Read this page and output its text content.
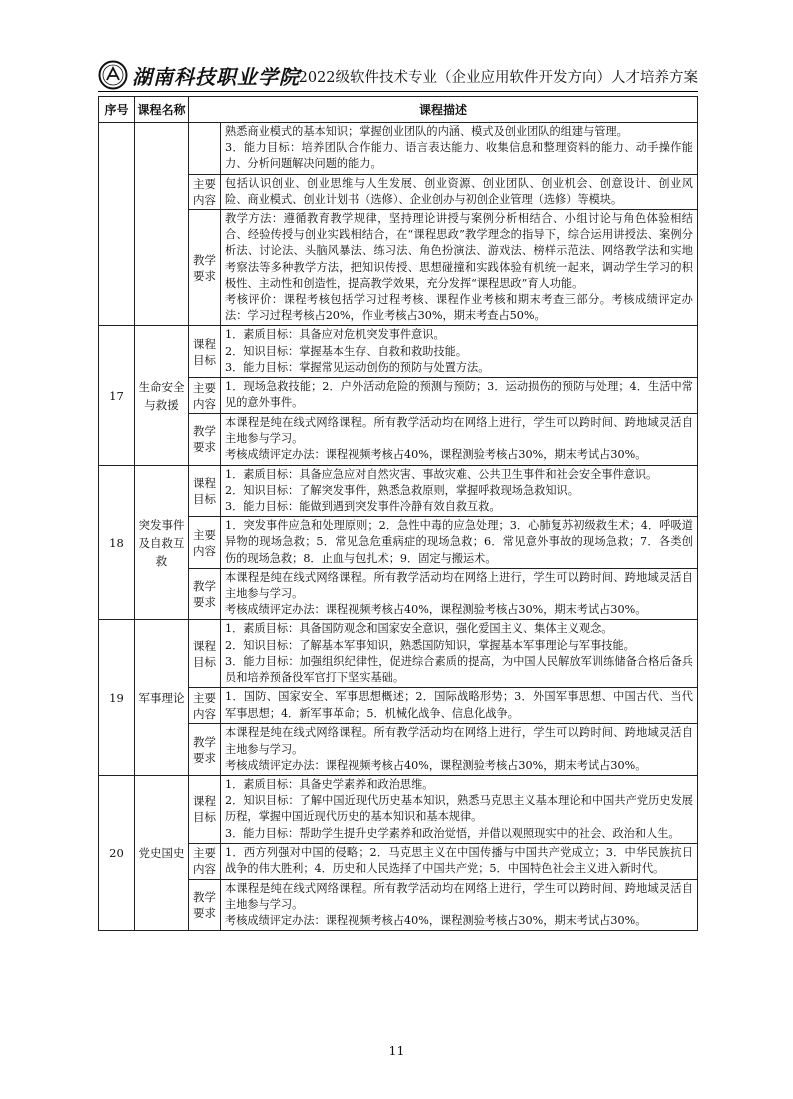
湖南科技职业学院
2022级软件技术专业（企业应用软件开发方向）人才培养方案
序号	课程名称	课程描述	

			熟悉商业模式的基本知识；掌握创业团队的内涵、模式及创业团队的组建与管理。
3．能力目标：培养团队合作能力、语言表达能力、收集信息和整理资料的能力、动手操作能力、分析问题解决问题的能力。

		主要内容	包括认识创业、创业思维与人生发展、创业资源、创业团队、创业机会、创意设计、创业风险、商业模式、创业计划书（选修）、企业创办与初创企业管理（选修）等模块。

		教学要求	教学方法：遵循教育教学规律，坚持理论讲授与案例分析相结合、小组讨论与角色体验相结合、经验传授与创业实践相结合，在“课程思政”教学理念的指导下，综合运用讲授法、案例分析法、讨论法、头脑风暴法、练习法、角色扮演法、游戏法、榜样示范法、网络教学法和实地考察法等多种教学方法，把知识传授、思想碰撞和实践体验有机统一起来，调动学生学习的积极性、主动性和创造性，提高教学效果，充分发挥“课程思政”育人功能。
考核评价：课程考核包括学习过程考核、课程作业考核和期末考查三部分。考核成绩评定办法：学习过程考核占20%，作业考核占30%，期末考查占50%。

17	生命安全与救援	课程目标	1．素质目标：具备应对危机突发事件意识。
2．知识目标：掌握基本生存、自救和救助技能。
3．能力目标：掌握常见运动创伤的预防与处置方法。

		主要内容	1．现场急救技能；2．户外活动危险的预测与预防；3．运动损伤的预防与处理；4．生活中常见的意外事件。

		教学要求	本课程是纯在线式网络课程。所有教学活动均在网络上进行，学生可以跨时间、跨地域灵活自主地参与学习。
考核成绩评定办法：课程视频考核占40%，课程测验考核占30%，期末考试占30%。

18	突发事件及自救互救	课程目标	1．素质目标：具备应急应对自然灾害、事故灾难、公共卫生事件和社会安全事件意识。
2．知识目标：了解突发事件，熟悉急救原则，掌握呼救现场急救知识。
3．能力目标：能做到遇到突发事件冷静有效自救互救。

		主要内容	1．突发事件应急和处理原则；2．急性中毒的应急处理；3．心肺复苏初级救生术；4．呼吸道异物的现场急救；5．常见急危重病症的现场急救；6．常见意外事故的现场急救；7．各类创伤的现场急救；8．止血与包扎术；9．固定与搬运术。

		教学要求	本课程是纯在线式网络课程。所有教学活动均在网络上进行，学生可以跨时间、跨地域灵活自主地参与学习。
考核成绩评定办法：课程视频考核占40%，课程测验考核占30%，期末考试占30%。

19	军事理论	课程目标	1．素质目标：具备国防观念和国家安全意识，强化爱国主义、集体主义观念。
2．知识目标：了解基本军事知识，熟悉国防知识，掌握基本军事理论与军事技能。
3．能力目标：加强组织纪律性，促进综合素质的提高，为中国人民解放军训练储备合格后备兵员和培养预备役军官打下坚实基础。

		主要内容	1．国防、国家安全、军事思想概述；2．国际战略形势；3．外国军事思想、中国古代、当代军事思想；4．新军事革命；5．机械化战争、信息化战争。

		教学要求	本课程是纯在线式网络课程。所有教学活动均在网络上进行，学生可以跨时间、跨地域灵活自主地参与学习。
考核成绩评定办法：课程视频考核占40%，课程测验考核占30%，期末考试占30%。

20	党史国史	课程目标	1．素质目标：具备史学素养和政治思维。
2．知识目标：了解中国近现代历史基本知识，熟悉马克思主义基本理论和中国共产党历史发展历程，掌握中国近现代历史的基本知识和基本规律。
3．能力目标：帮助学生提升史学素养和政治觉悟，并借以观照现实中的社会、政治和人生。

		主要内容	1．西方列强对中国的侵略；2．马克思主义在中国传播与中国共产党成立；3．中华民族抗日战争的伟大胜利；4．历史和人民选择了中国共产党；5．中国特色社会主义进入新时代。

		教学要求	本课程是纯在线式网络课程。所有教学活动均在网络上进行，学生可以跨时间、跨地域灵活自主地参与学习。
考核成绩评定办法：课程视频考核占40%，课程测验考核占30%，期末考试占30%。
11
